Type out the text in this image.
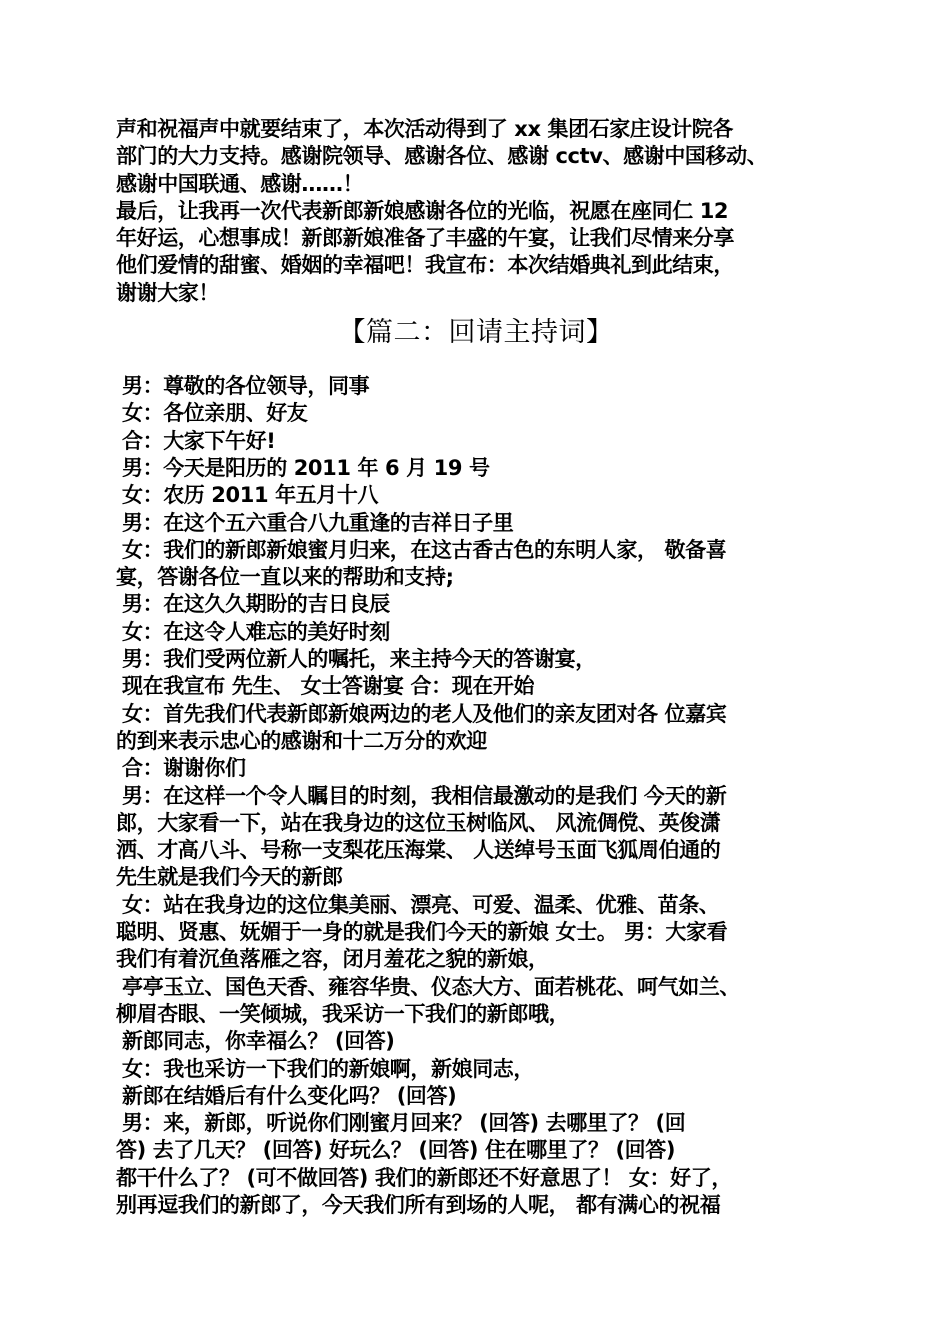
声和祝福声中就要结束了，本次活动得到了 xx 集团石家庄设计院各
部门的大力支持。感谢院领导、感谢各位、感谢 cctv、感谢中国移动、
感谢中国联通、感谢……！
最后，让我再一次代表新郎新娘感谢各位的光临，祝愿在座同仁 12
年好运，心想事成！新郎新娘准备了丰盛的午宴，让我们尽情来分享
他们爱情的甜蜜、婚姻的幸福吧！我宣布：本次结婚典礼到此结束，
谢谢大家！
【篇二：回请主持词】
男：尊敬的各位领导，同事
女：各位亲朋、好友
合：大家下午好!
男：今天是阳历的 2011 年 6 月 19 号
女：农历 2011 年五月十八
男：在这个五六重合八九重逢的吉祥日子里
女：我们的新郎新娘蜜月归来，在这古香古色的东明人家， 敬备喜
宴，答谢各位一直以来的帮助和支持;
男：在这久久期盼的吉日良辰
女：在这令人难忘的美好时刻
男：我们受两位新人的嘱托，来主持今天的答谢宴，
现在我宣布 先生、 女士答谢宴 合：现在开始
女：首先我们代表新郎新娘两边的老人及他们的亲友团对各 位嘉宾
的到来表示忠心的感谢和十二万分的欢迎
合：谢谢你们
男：在这样一个令人瞩目的时刻，我相信最激动的是我们 今天的新
郎，大家看一下，站在我身边的这位玉树临风、 风流倜傥、英俊潇
洒、才高八斗、号称一支梨花压海棠、 人送绰号玉面飞狐周伯通的
先生就是我们今天的新郎
女：站在我身边的这位集美丽、漂亮、可爱、温柔、优雅、苗条、
聪明、贤惠、妩媚于一身的就是我们今天的新娘 女士。 男：大家看
我们有着沉鱼落雁之容，闭月羞花之貌的新娘，
亭亭玉立、国色天香、雍容华贵、仪态大方、面若桃花、呵气如兰、
柳眉杏眼、一笑倾城，我采访一下我们的新郎哦，
新郎同志，你幸福么？ (回答)
女：我也采访一下我们的新娘啊，新娘同志，
新郎在结婚后有什么变化吗？ (回答)
男：来，新郎，听说你们刚蜜月回来？ (回答) 去哪里了？ (回
答) 去了几天？ (回答) 好玩么？ (回答) 住在哪里了？ (回答)
都干什么了？ (可不做回答) 我们的新郎还不好意思了！ 女：好了，
别再逗我们的新郎了，今天我们所有到场的人呢， 都有满心的祝福
